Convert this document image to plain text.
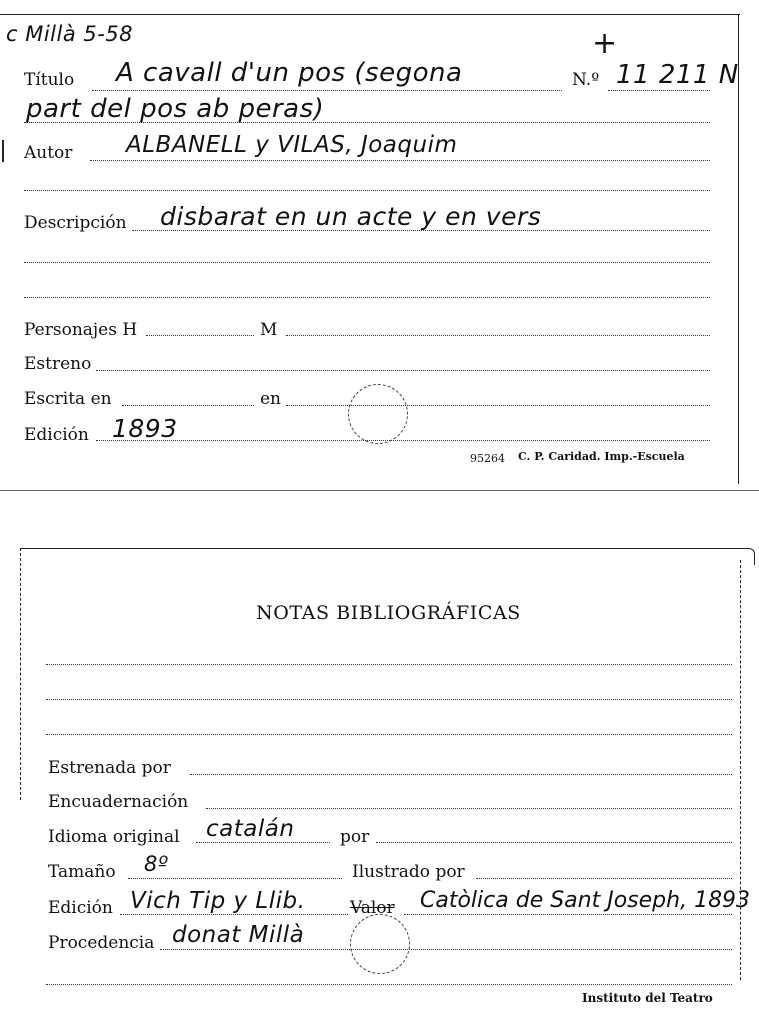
c Millà 5-58	+
Título A cavall d'un pos (segona	N.º 11 211 N
part del pos ab peras)
Autor ALBANELL y VILAS, Joaquim
Descripción disbarat en un acte y en vers
Personajes H	M
Estreno
Escrita en	en
Edición 1893
95264 C. P. Caridad. Imp.-Escuela
NOTAS BIBLIOGRÁFICAS
Estrenada por
Encuadernación
Idioma original catalán	por
Tamaño 8º	Ilustrado por
Edición Vich Tip y Llib.	Valor Catòlica de Sant Joseph, 1893
Procedencia donat Millà
Instituto del Teatro
